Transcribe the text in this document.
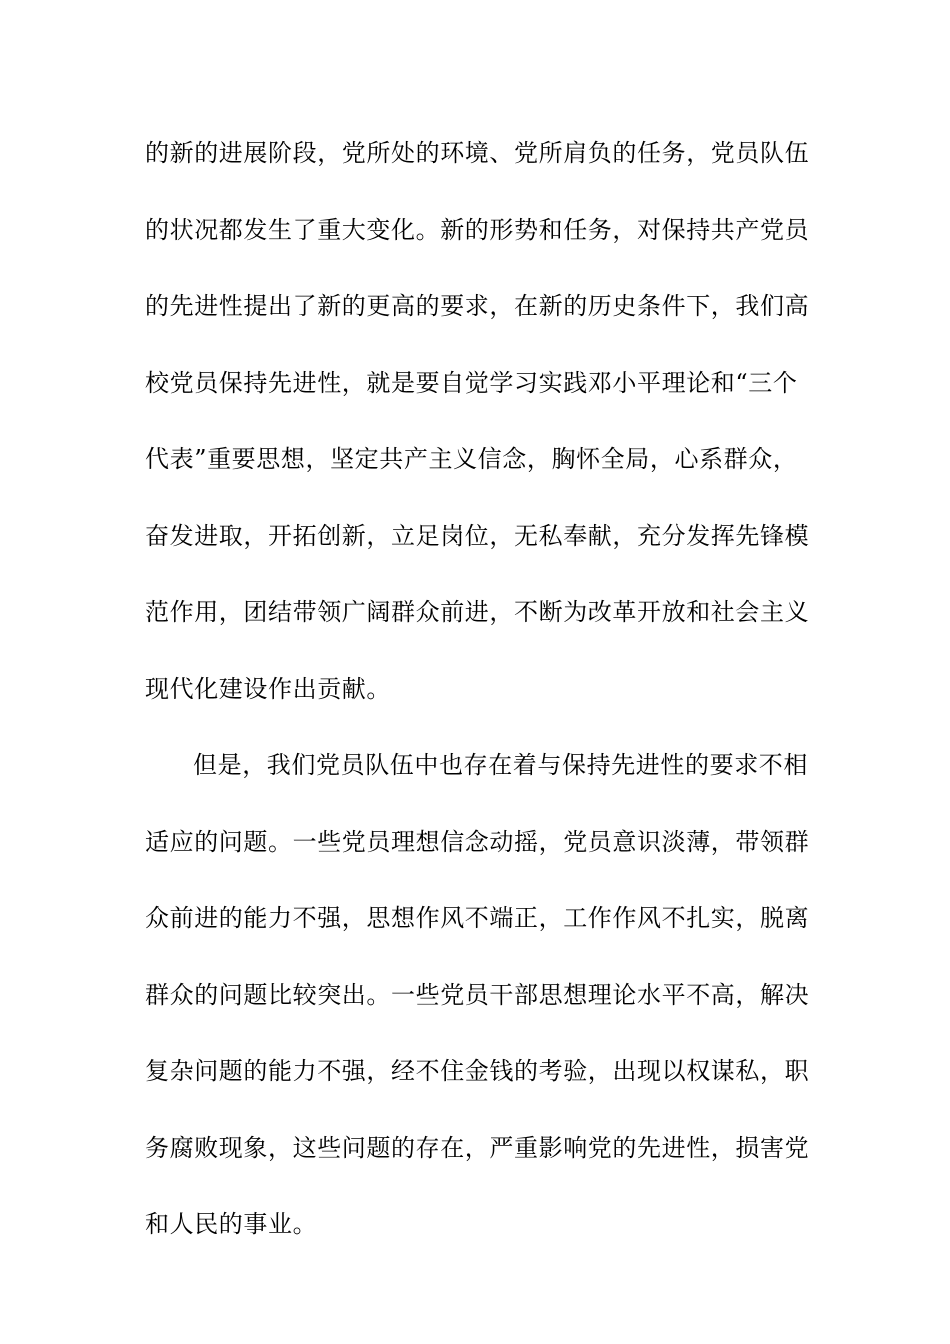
的新的进展阶段，党所处的环境、党所肩负的任务，党员队伍
的状况都发生了重大变化。新的形势和任务，对保持共产党员
的先进性提出了新的更高的要求，在新的历史条件下，我们高
校党员保持先进性，就是要自觉学习实践邓小平理论和“三个
代表”重要思想，坚定共产主义信念，胸怀全局，心系群众，
奋发进取，开拓创新，立足岗位，无私奉献，充分发挥先锋模
范作用，团结带领广阔群众前进，不断为改革开放和社会主义
现代化建设作出贡献。
但是，我们党员队伍中也存在着与保持先进性的要求不相
适应的问题。一些党员理想信念动摇，党员意识淡薄，带领群
众前进的能力不强，思想作风不端正，工作作风不扎实，脱离
群众的问题比较突出。一些党员干部思想理论水平不高，解决
复杂问题的能力不强，经不住金钱的考验，出现以权谋私，职
务腐败现象，这些问题的存在，严重影响党的先进性，损害党
和人民的事业。
